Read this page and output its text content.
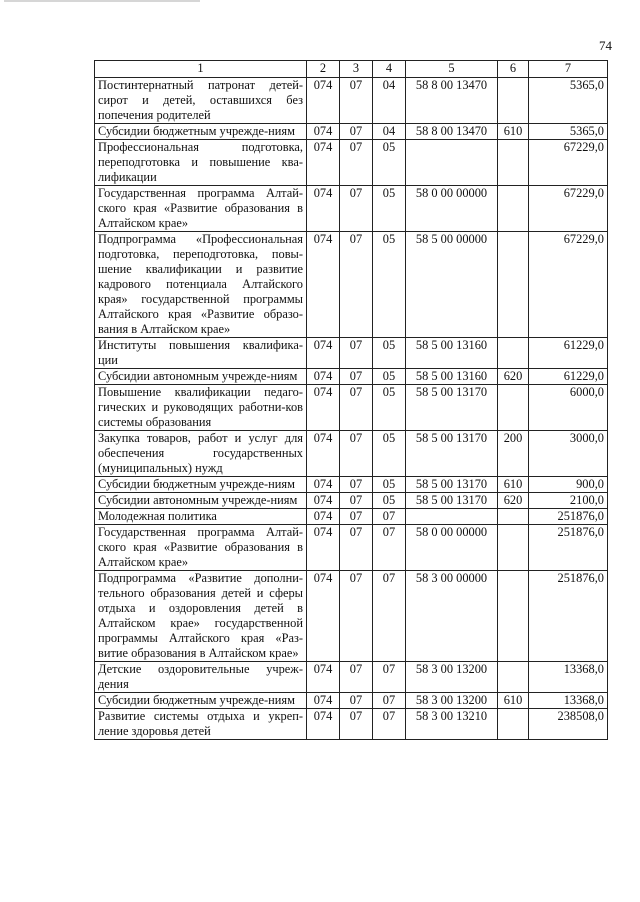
74
1	2	3	4	5	6	7
Постинтернатный патронат детей-сирот и детей, оставшихся без попечения родителей	074	07	04	58 8 00 13470		5365,0
Субсидии бюджетным учрежде-ниям	074	07	04	58 8 00 13470	610	5365,0
Профессиональная подготовка, переподготовка и повышение ква-лификации	074	07	05			67229,0
Государственная программа Алтай-ского края «Развитие образования в Алтайском крае»	074	07	05	58 0 00 00000		67229,0
Подпрограмма «Профессиональная подготовка, переподготовка, повы-шение квалификации и развитие кадрового потенциала Алтайского края» государственной программы Алтайского края «Развитие образо-вания в Алтайском крае»	074	07	05	58 5 00 00000		67229,0
Институты повышения квалифика-ции	074	07	05	58 5 00 13160		61229,0
Субсидии автономным учрежде-ниям	074	07	05	58 5 00 13160	620	61229,0
Повышение квалификации педаго-гических и руководящих работни-ков системы образования	074	07	05	58 5 00 13170		6000,0
Закупка товаров, работ и услуг для обеспечения государственных (муниципальных) нужд	074	07	05	58 5 00 13170	200	3000,0
Субсидии бюджетным учрежде-ниям	074	07	05	58 5 00 13170	610	900,0
Субсидии автономным учрежде-ниям	074	07	05	58 5 00 13170	620	2100,0
Молодежная политика	074	07	07			251876,0
Государственная программа Алтай-ского края «Развитие образования в Алтайском крае»	074	07	07	58 0 00 00000		251876,0
Подпрограмма «Развитие дополни-тельного образования детей и сферы отдыха и оздоровления детей в Алтайском крае» государственной программы Алтайского края «Раз-витие образования в Алтайском крае»	074	07	07	58 3 00 00000		251876,0
Детские оздоровительные учреж-дения	074	07	07	58 3 00 13200		13368,0
Субсидии бюджетным учрежде-ниям	074	07	07	58 3 00 13200	610	13368,0
Развитие системы отдыха и укреп-ление здоровья детей	074	07	07	58 3 00 13210		238508,0
